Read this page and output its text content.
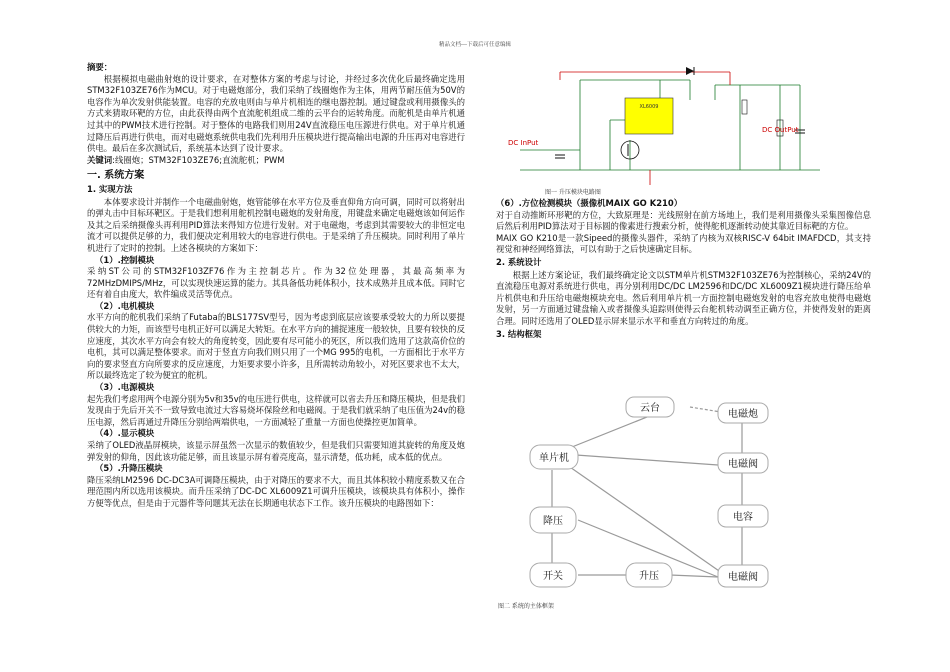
精品文档---下载后可任意编辑
摘要：

根据模拟电磁曲射炮的设计要求，在对整体方案的考虑与讨论，并经过多次优化后最终确定选用STM32F103ZE76作为MCU。对于电磁炮部分，我们采纳了线圈炮作为主体，用两节耐压值为50V的电容作为单次发射供能装置。电容的充放电则由与单片机相连的继电器控制。通过键盘或利用摄像头的方式来猜取环靶的方位，由此获得由两个直流舵机组成二维的云平台的运转角度。而舵机是由单片机通过其中的PWM技术进行控制。对于整体的电路我们则用24V直流稳压电压源进行供电。对于单片机通过降压后再进行供电，而对电磁炮系统供电我们先利用升压模块进行提高输出电源的升压再对电容进行供电。最后在多次测试后，系统基本达到了设计要求。

关键词:线圈炮；STM32F103ZE76;直流舵机；PWM
一. 系统方案
1. 实现方法

本体要求设计并制作一个电磁曲射炮，炮管能够在水平方位及垂直仰角方向可调，同时可以将射出的弹丸击中目标环靶区。于是我们想利用舵机控制电磁炮的发射角度，用键盘来确定电磁炮该如何运作及其之后采纳摄像头再利用PID算法来得知方位进行发射。对于电磁炮，考虑到其需要较大的非恒定电流才可以提供足够的力，我们便决定利用较大的电容进行供电。于是采纳了升压模块。同时利用了单片机进行了定时的控制。上述各模块的方案如下：

（1）.控制模块

采纳ST公司的STM32F103ZF76作为主控制芯片。作为32位处理器，其最高频率为72MHzDMIPS/MHz，可以实现快速运算的能力。其具备低功耗体积小，技术成熟并且成本低。同时它还有着自由度大，软件编成灵活等优点。

（2）.电机模块

水平方向的舵机我们采纳了Futaba的BLS177SV型号，因为考虑到底层应该要承受较大的力所以要提供较大的力矩，而该型号电机正好可以满足大转矩。在水平方向的捕捉速度一般较快，且要有较快的反应速度，其次水平方向会有较大的角度转变，因此要有尽可能小的死区，所以我们选用了这款高价位的电机，其可以满足整体要求。而对于竖直方向我们则只用了一个MG 995的电机，一方面相比于水平方向的要求竖直方向所要求的反应速度，力矩要求要小许多，且所需转动角较小，对死区要求也不太大，所以最终选定了较为便宜的舵机。

（3）.电源模块

起先我们考虑用两个电源分别为5v和35v的电压进行供电，这样就可以省去升压和降压模块，但是我们发现由于先后开关不一致导致电流过大容易烧坏保险丝和电磁阀。于是我们就采纳了电压值为24v的稳压电源，然后再通过升降压分别给两端供电，一方面减轻了重量一方面也使操控更加简单。

（4）.显示模块

采纳了OLED液晶屏模块，该显示屏虽然一次显示的数值较少，但是我们只需要知道其旋转的角度及炮弹发射的仰角，因此该功能足够，而且该显示屏有着亮度高，显示清楚，低功耗，成本低的优点。

（5）.升降压模块

降压采纳LM2596 DC-DC3A可调降压模块，由于对降压的要求不大，而且其体积较小精度系数又在合理范围内所以选用该模块。而升压采纳了DC-DC XL6009Z1可调升压模块，该模块具有体积小，操作方便等优点，但是由于元器件等问题其无法在长期通电状态下工作。该升压模块的电路图如下：

XL6009
DC InPut
DC OutPut
图一 升压模块电路图
（6）.方位检测模块（摄像机MAIX GO K210）

对于自动推断环形靶的方位，大致原理是：光线照射在前方场地上，我们是利用摄像头采集图像信息后然后利用PID算法对于目标圆的像素进行搜索分析，使得舵机逐渐转动使其靠近目标靶的方位。

MAIX GO K210是一款Sipeed的摄像头器件，采纳了内核为双核RISC-V 64bit IMAFDCD，其支持视觉和神经网络算法，可以有助于之后快速确定目标。

2. 系统设计

根据上述方案论证，我们最终确定论文以STM单片机STM32F103ZE76为控制核心，采纳24V的直流稳压电源对系统进行供电，再分别利用DC/DC LM2596和DC/DC XL6009Z1模块进行降压给单片机供电和升压给电磁炮模块充电。然后利用单片机一方面控制电磁炮发射的电容充放电使得电磁炮发射，另一方面通过键盘输入或者摄像头追踪则使得云台舵机转动调至正确方位，并使得发射的距离合理。同时还选用了OLED显示屏来显示水平和垂直方向转过的角度。

3. 结构框架
云台
电磁炮
单片机
电磁阀
降压	电容
开关	升压	电磁阀
图二 系统的主体框架
